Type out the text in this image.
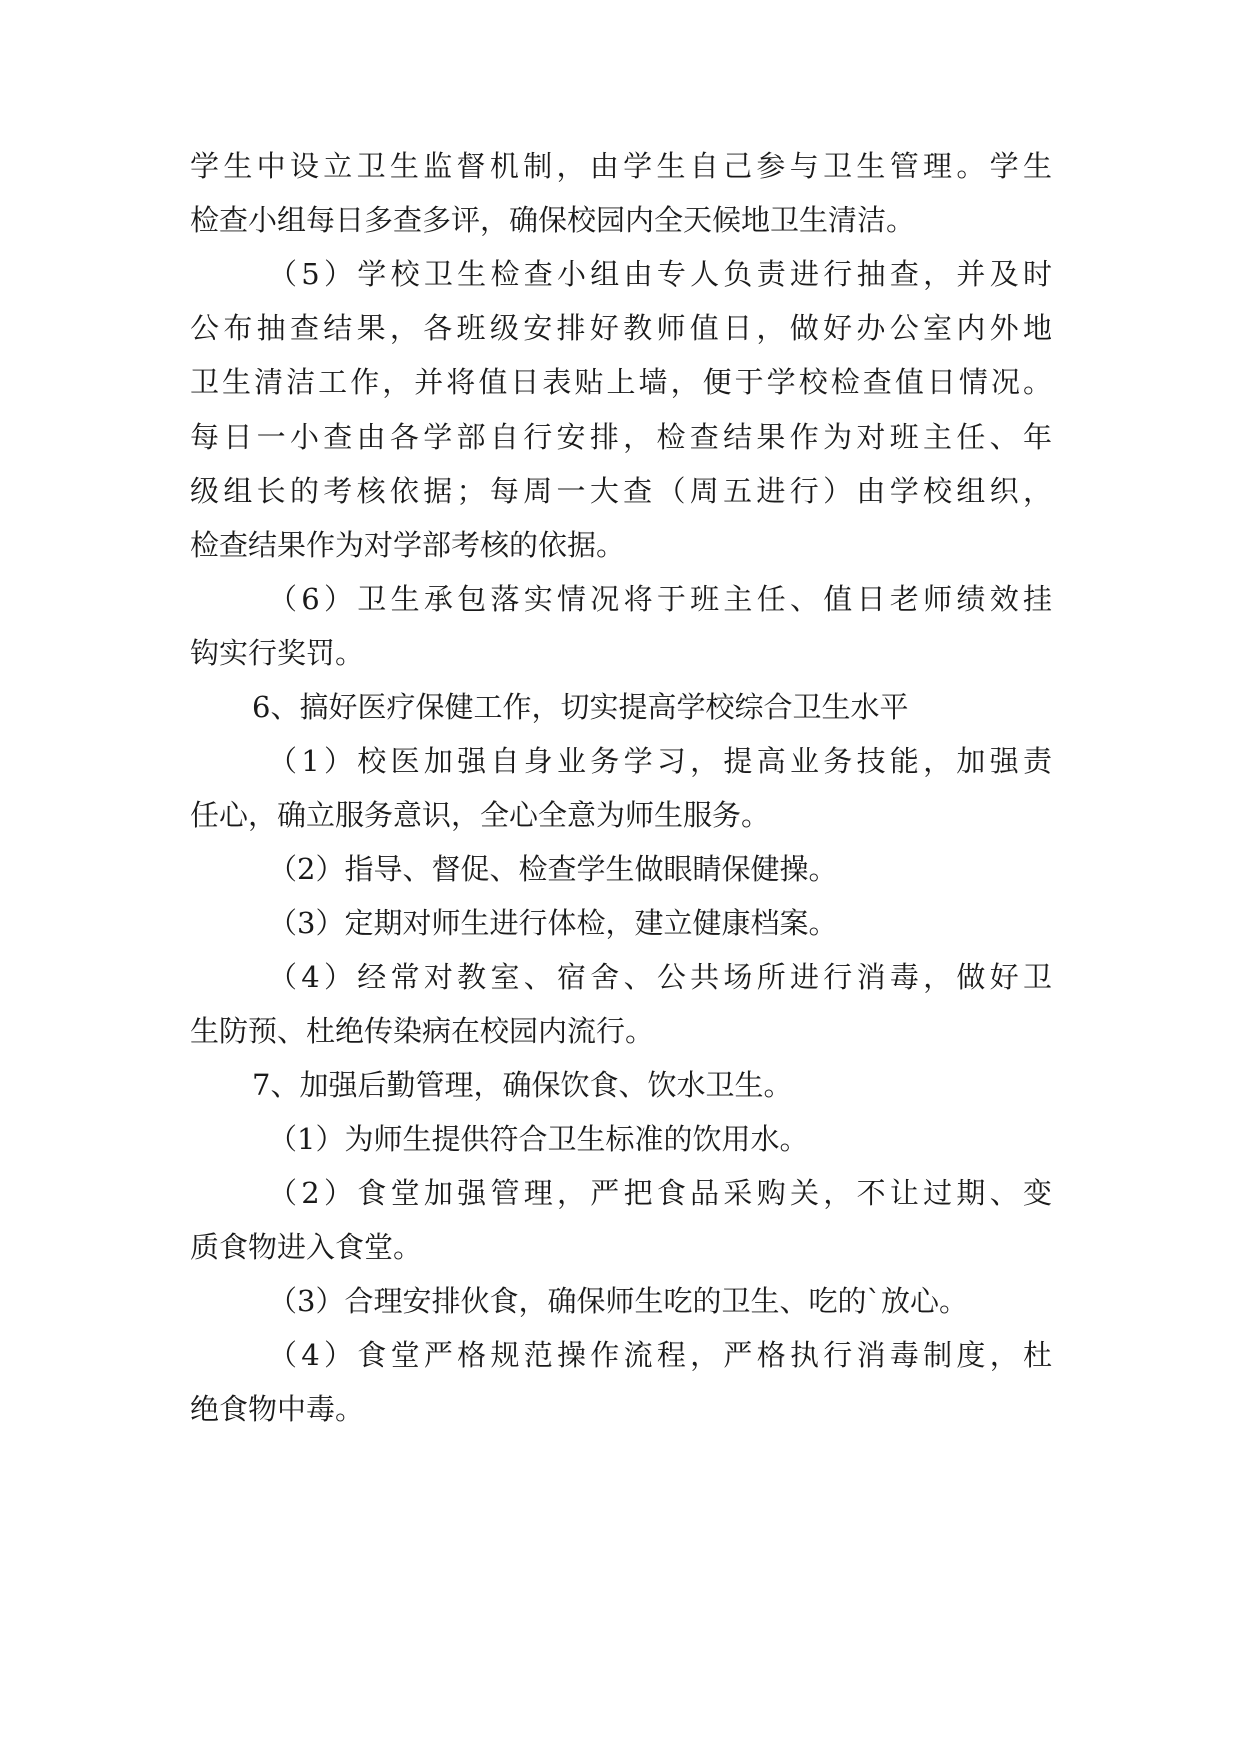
学生中设立卫生监督机制，由学生自己参与卫生管理。学生
检查小组每日多查多评，确保校园内全天候地卫生清洁。
（5）学校卫生检查小组由专人负责进行抽查，并及时
公布抽查结果，各班级安排好教师值日，做好办公室内外地
卫生清洁工作，并将值日表贴上墙，便于学校检查值日情况。
每日一小查由各学部自行安排，检查结果作为对班主任、年
级组长的考核依据；每周一大查（周五进行）由学校组织，
检查结果作为对学部考核的依据。
（6）卫生承包落实情况将于班主任、值日老师绩效挂
钩实行奖罚。
6、搞好医疗保健工作，切实提高学校综合卫生水平
（1）校医加强自身业务学习，提高业务技能，加强责
任心，确立服务意识，全心全意为师生服务。
（2）指导、督促、检查学生做眼睛保健操。
（3）定期对师生进行体检，建立健康档案。
（4）经常对教室、宿舍、公共场所进行消毒，做好卫
生防预、杜绝传染病在校园内流行。
7、加强后勤管理，确保饮食、饮水卫生。
（1）为师生提供符合卫生标准的饮用水。
（2）食堂加强管理，严把食品采购关，不让过期、变
质食物进入食堂。
（3）合理安排伙食，确保师生吃的卫生、吃的`放心。
（4）食堂严格规范操作流程，严格执行消毒制度，杜
绝食物中毒。
